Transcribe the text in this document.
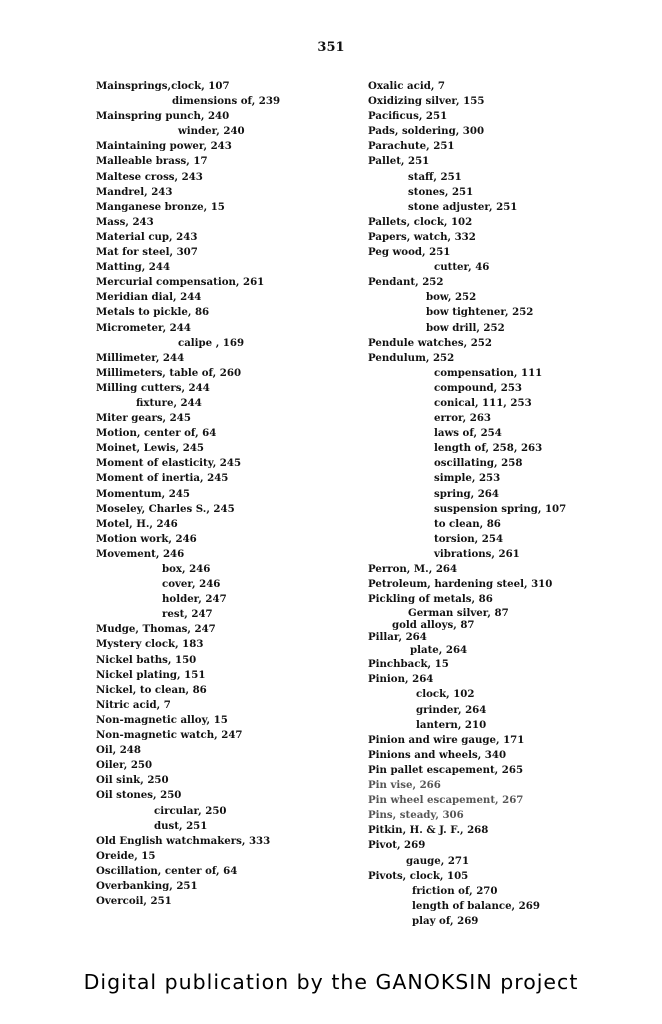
351
Mainsprings,clock, 107
dimensions of, 239
Mainspring punch, 240
winder, 240
Maintaining power, 243
Malleable brass, 17
Maltese cross, 243
Mandrel, 243
Manganese bronze, 15
Mass, 243
Material cup, 243
Mat for steel, 307
Matting, 244
Mercurial compensation, 261
Meridian dial, 244
Metals to pickle, 86
Micrometer, 244
calipe , 169
Millimeter, 244
Millimeters, table of, 260
Milling cutters, 244
fixture, 244
Miter gears, 245
Motion, center of, 64
Moinet, Lewis, 245
Moment of elasticity, 245
Moment of inertia, 245
Momentum, 245
Moseley, Charles S., 245
Motel, H., 246
Motion work, 246
Movement, 246
box, 246
cover, 246
holder, 247
rest, 247
Mudge, Thomas, 247
Mystery clock, 183
Nickel baths, 150
Nickel plating, 151
Nickel, to clean, 86
Nitric acid, 7
Non-magnetic alloy, 15
Non-magnetic watch, 247
Oil, 248
Oiler, 250
Oil sink, 250
Oil stones, 250
circular, 250
dust, 251
Old English watchmakers, 333
Oreide, 15
Oscillation, center of, 64
Overbanking, 251
Overcoil, 251
Oxalic acid, 7
Oxidizing silver, 155
Pacificus, 251
Pads, soldering, 300
Parachute, 251
Pallet, 251
staff, 251
stones, 251
stone adjuster, 251
Pallets, clock, 102
Papers, watch, 332
Peg wood, 251
cutter, 46
Pendant, 252
bow, 252
bow tightener, 252
bow drill, 252
Pendule watches, 252
Pendulum, 252
compensation, 111
compound, 253
conical, 111, 253
error, 263
laws of, 254
length of, 258, 263
oscillating, 258
simple, 253
spring, 264
suspension spring, 107
to clean, 86
torsion, 254
vibrations, 261
Perron, M., 264
Petroleum, hardening steel, 310
Pickling of metals, 86
German silver, 87
gold alloys, 87
Pillar, 264
plate, 264
Pinchback, 15
Pinion, 264
clock, 102
grinder, 264
lantern, 210
Pinion and wire gauge, 171
Pinions and wheels, 340
Pin pallet escapement, 265
Pin vise, 266
Pin wheel escapement, 267
Pins, steady, 306
Pitkin, H. & J. F., 268
Pivot, 269
gauge, 271
Pivots, clock, 105
friction of, 270
length of balance, 269
play of, 269
Digital publication by the GANOKSIN project
